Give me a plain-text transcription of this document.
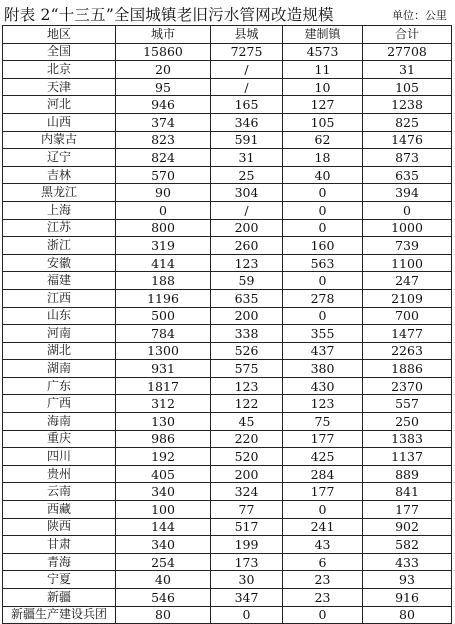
附表 2“十三五”全国城镇老旧污水管网改造规模	单位：公里
地区	城市	县城	建制镇	合计
全国	15860	7275	4573	27708
北京	20	/	11	31
天津	95	/	10	105
河北	946	165	127	1238
山西	374	346	105	825
内蒙古	823	591	62	1476
辽宁	824	31	18	873
吉林	570	25	40	635
黑龙江	90	304	0	394
上海	0	/	0	0
江苏	800	200	0	1000
浙江	319	260	160	739
安徽	414	123	563	1100
福建	188	59	0	247
江西	1196	635	278	2109
山东	500	200	0	700
河南	784	338	355	1477
湖北	1300	526	437	2263
湖南	931	575	380	1886
广东	1817	123	430	2370
广西	312	122	123	557
海南	130	45	75	250
重庆	986	220	177	1383
四川	192	520	425	1137
贵州	405	200	284	889
云南	340	324	177	841
西藏	100	77	0	177
陕西	144	517	241	902
甘肃	340	199	43	582
青海	254	173	6	433
宁夏	40	30	23	93
新疆	546	347	23	916
新疆生产建设兵团	80	0	0	80
